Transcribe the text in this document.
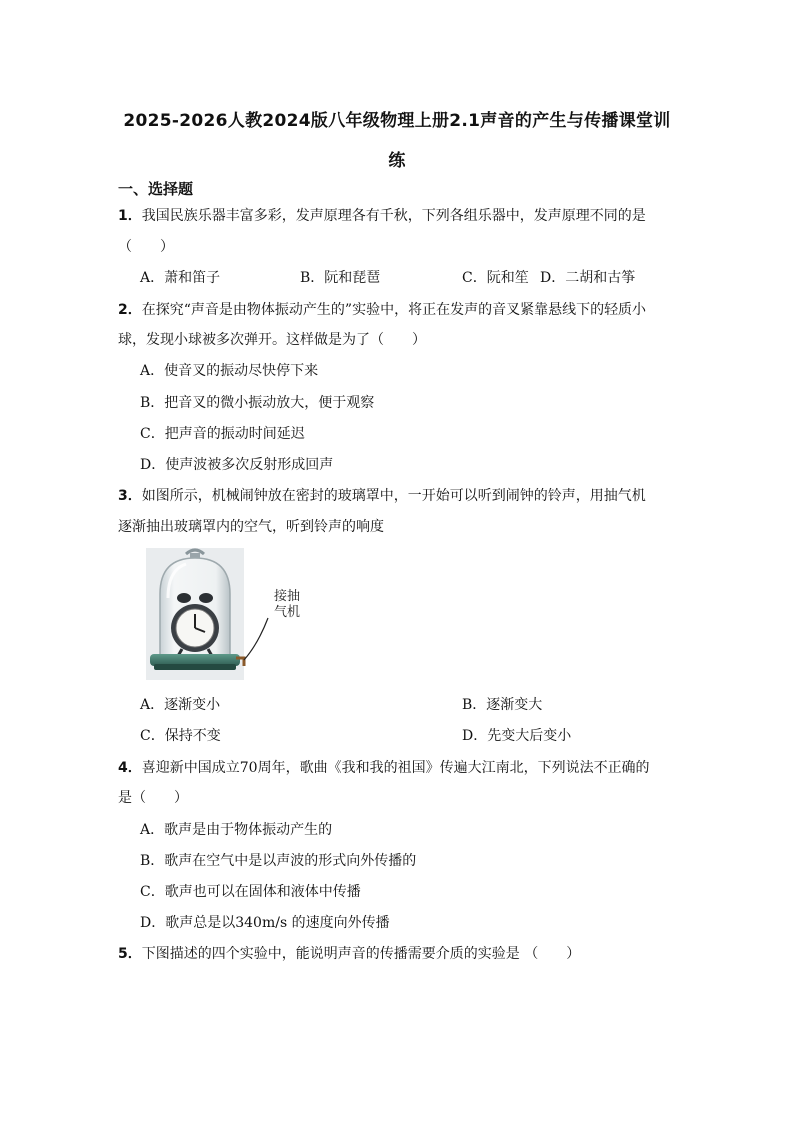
2025-2026人教2024版八年级物理上册2.1声音的产生与传播课堂训
练
一、选择题
1．我国民族乐器丰富多彩，发声原理各有千秋，下列各组乐器中，发声原理不同的是
（　　）
A．萧和笛子	B．阮和琵琶	C．阮和笙 D．二胡和古筝
2．在探究“声音是由物体振动产生的”实验中，将正在发声的音叉紧靠悬线下的轻质小
球，发现小球被多次弹开。这样做是为了（　　）
A．使音叉的振动尽快停下来
B．把音叉的微小振动放大，便于观察
C．把声音的振动时间延迟
D．使声波被多次反射形成回声
3．如图所示，机械闹钟放在密封的玻璃罩中，一开始可以听到闹钟的铃声，用抽气机
逐渐抽出玻璃罩内的空气，听到铃声的响度
接抽
气机
A．逐渐变小	B．逐渐变大
C．保持不变	D．先变大后变小
4．喜迎新中国成立70周年，歌曲《我和我的祖国》传遍大江南北，下列说法不正确的
是（　　）
A．歌声是由于物体振动产生的
B．歌声在空气中是以声波的形式向外传播的
C．歌声也可以在固体和液体中传播
D．歌声总是以340m/s 的速度向外传播
5．下图描述的四个实验中，能说明声音的传播需要介质的实验是 （　　）
